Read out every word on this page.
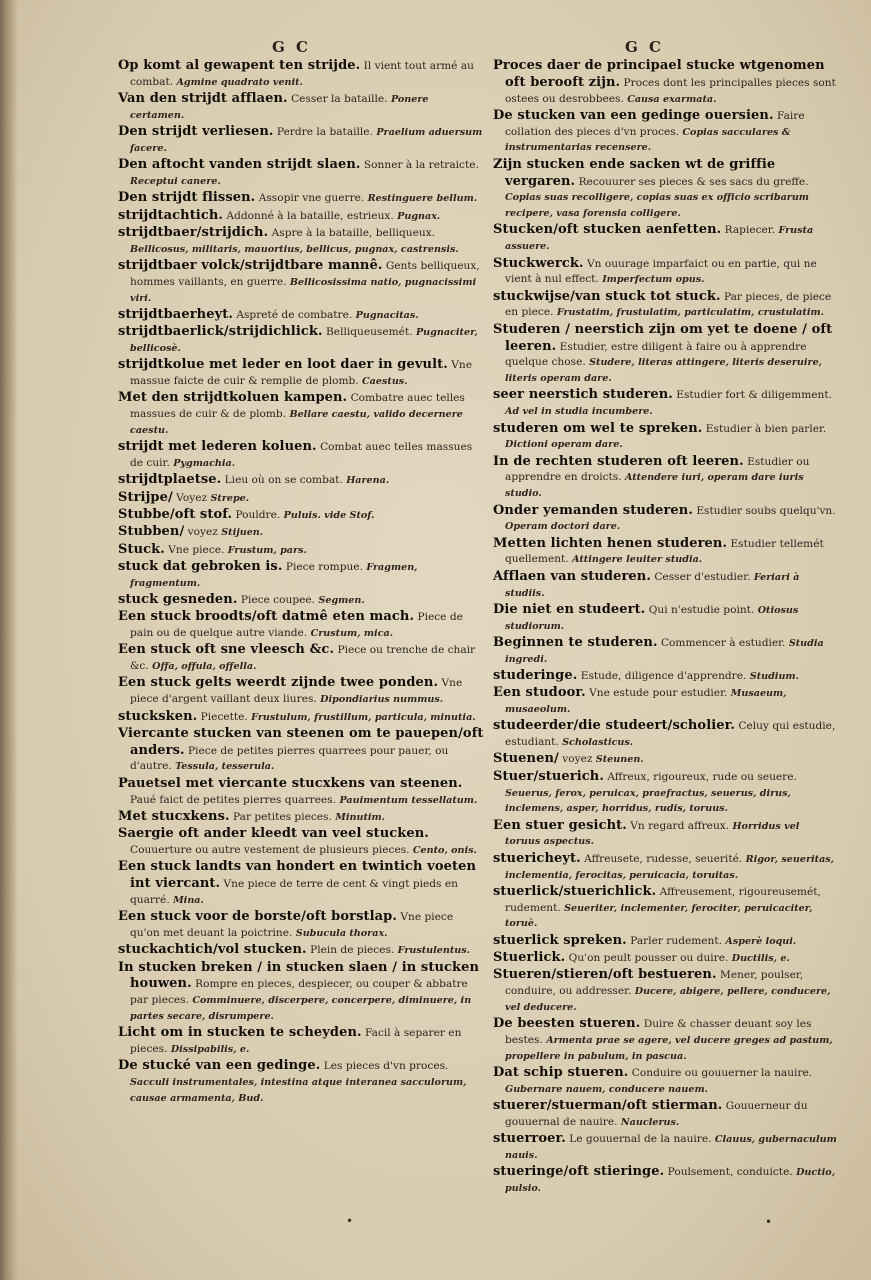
G C	G C

Op komt al gewapent ten strijde. Il vient tout armé au combat. Agmine quadrato venit.

Van den strijdt afflaen. Cesser la bataille. Ponere certamen.

Den strijdt verliesen. Perdre la bataille. Praelium aduersum facere.

Den aftocht vanden strijdt slaen. Sonner à la retraicte. Receptui canere.

Den strijdt flissen. Assopir vne guerre. Restinguere bellum.

strijdtachtich. Addonné à la bataille, estrieux. Pugnax.

strijdtbaer/strijdich. Aspre à la bataille, belliqueux. Bellicosus, militaris, mauortius, bellicus, pugnax, castrensis.

strijdtbaer volck/strijdtbare mannê. Gents belliqueux, hommes vaillants, en guerre. Bellicosissima natio, pugnacissimi viri.

strijdtbaerheyt. Aspreté de combatre. Pugnacitas.

strijdtbaerlick/strijdichlick. Belliqueusemét. Pugnaciter, bellicosè.

strijdtkolue met leder en loot daer in gevult. Vne massue faicte de cuir & remplie de plomb. Caestus.

Met den strijdtkoluen kampen. Combatre auec telles massues de cuir & de plomb. Bellare caestu, valido decernere caestu.

strijdt met lederen koluen. Combat auec telles massues de cuir. Pygmachia.

strijdtplaetse. Lieu où on se combat. Harena.

Strijpe/ Voyez Strepe.

Stubbe/oft stof. Pouldre. Puluis. vide Stof.

Stubben/ voyez Stijuen.

Stuck. Vne piece. Frustum, pars.

stuck dat gebroken is. Piece rompue. Fragmen, fragmentum.

stuck gesneden. Piece coupee. Segmen.

Een stuck broodts/oft datmê eten mach. Piece de pain ou de quelque autre viande. Crustum, mica.

Een stuck oft sne vleesch &c. Piece ou trenche de chair &c. Offa, offula, offella.

Een stuck gelts weerdt zijnde twee ponden. Vne piece d'argent vaillant deux liures. Dipondiarius nummus.

stucksken. Piecette. Frustulum, frustillum, particula, minutia.

Viercante stucken van steenen om te pauepen/oft anders. Piece de petites pierres quarrees pour pauer, ou d'autre. Tessula, tesserula.

Pauetsel met viercante stucxkens van steenen. Paué faict de petites pierres quarrees. Pauimentum tessellatum.

Met stucxkens. Par petites pieces. Minutim.

Saergie oft ander kleedt van veel stucken. Couuerture ou autre vestement de plusieurs pieces. Cento, onis.

Een stuck landts van hondert en twintich voeten int viercant. Vne piece de terre de cent & vingt pieds en quarré. Mina.

Een stuck voor de borste/oft borstlap. Vne piece qu'on met deuant la poictrine. Subucula thorax.

stuckachtich/vol stucken. Plein de pieces. Frustulentus.

In stucken breken / in stucken slaen / in stucken houwen. Rompre en pieces, despiecer, ou couper & abbatre par pieces. Comminuere, discerpere, concerpere, diminuere, in partes secare, disrumpere.

Licht om in stucken te scheyden. Facil à separer en pieces. Dissipabilis, e.

De stucké van een gedinge. Les pieces d'vn proces. Sacculi instrumentales, intestina atque interanea sacculorum, causae armamenta, Bud.

Proces daer de principael stucke wtgenomen oft berooft zijn. Proces dont les principalles pieces sont ostees ou desrobbees. Causa exarmata.

De stucken van een gedinge ouersien. Faire collation des pieces d'vn proces. Copias sacculares & instrumentarias recensere.

Zijn stucken ende sacken wt de griffie vergaren. Recouurer ses pieces & ses sacs du greffe. Copias suas recolligere, copias suas ex officio scribarum recipere, vasa forensia colligere.

Stucken/oft stucken aenfetten. Rapiecer. Frusta assuere.

Stuckwerck. Vn ouurage imparfaict ou en partie, qui ne vient à nul effect. Imperfectum opus.

stuckwijse/van stuck tot stuck. Par pieces, de piece en piece. Frustatim, frustulatim, particulatim, crustulatim.

Studeren / neerstich zijn om yet te doene / oft leeren. Estudier, estre diligent à faire ou à apprendre quelque chose. Studere, literas attingere, literis deseruire, literis operam dare.

seer neerstich studeren. Estudier fort & diligemment. Ad vel in studia incumbere.

studeren om wel te spreken. Estudier à bien parler. Dictioni operam dare.

In de rechten studeren oft leeren. Estudier ou apprendre en droicts. Attendere iuri, operam dare iuris studio.

Onder yemanden studeren. Estudier soubs quelqu'vn. Operam doctori dare.

Metten lichten henen studeren. Estudier tellemét quellement. Attingere leuiter studia.

Afflaen van studeren. Cesser d'estudier. Feriari à studiis.

Die niet en studeert. Qui n'estudie point. Otiosus studiorum.

Beginnen te studeren. Commencer à estudier. Studia ingredi.

studeringe. Estude, diligence d'apprendre. Studium.

Een studoor. Vne estude pour estudier. Musaeum, musaeolum.

studeerder/die studeert/scholier. Celuy qui estudie, estudiant. Scholasticus.

Stuenen/ voyez Steunen.

Stuer/stuerich. Affreux, rigoureux, rude ou seuere. Seuerus, ferox, peruicax, praefractus, seuerus, dirus, inclemens, asper, horridus, rudis, toruus.

Een stuer gesicht. Vn regard affreux. Horridus vel toruus aspectus.

stuericheyt. Affreusete, rudesse, seuerité. Rigor, seueritas, inclementia, ferocitas, peruicacia, toruitas.

stuerlick/stuerichlick. Affreusement, rigoureusemét, rudement. Seueriter, inclementer, ferociter, peruicaciter, toruè.

stuerlick spreken. Parler rudement. Asperè loqui.

Stuerlick. Qu'on peult pousser ou duire. Ductilis, e.

Stueren/stieren/oft bestueren. Mener, poulser, conduire, ou addresser. Ducere, abigere, pellere, conducere, vel deducere.

De beesten stueren. Duire & chasser deuant soy les bestes. Armenta prae se agere, vel ducere greges ad pastum, propellere in pabulum, in pascua.

Dat schip stueren. Conduire ou gouuerner la nauire. Gubernare nauem, conducere nauem.

stuerer/stuerman/oft stierman. Gouuerneur du gouuernal de nauire. Nauclerus.

stuerroer. Le gouuernal de la nauire. Clauus, gubernaculum nauis.

stueringe/oft stieringe. Poulsement, conduicte. Ductio, pulsio.

•	•
